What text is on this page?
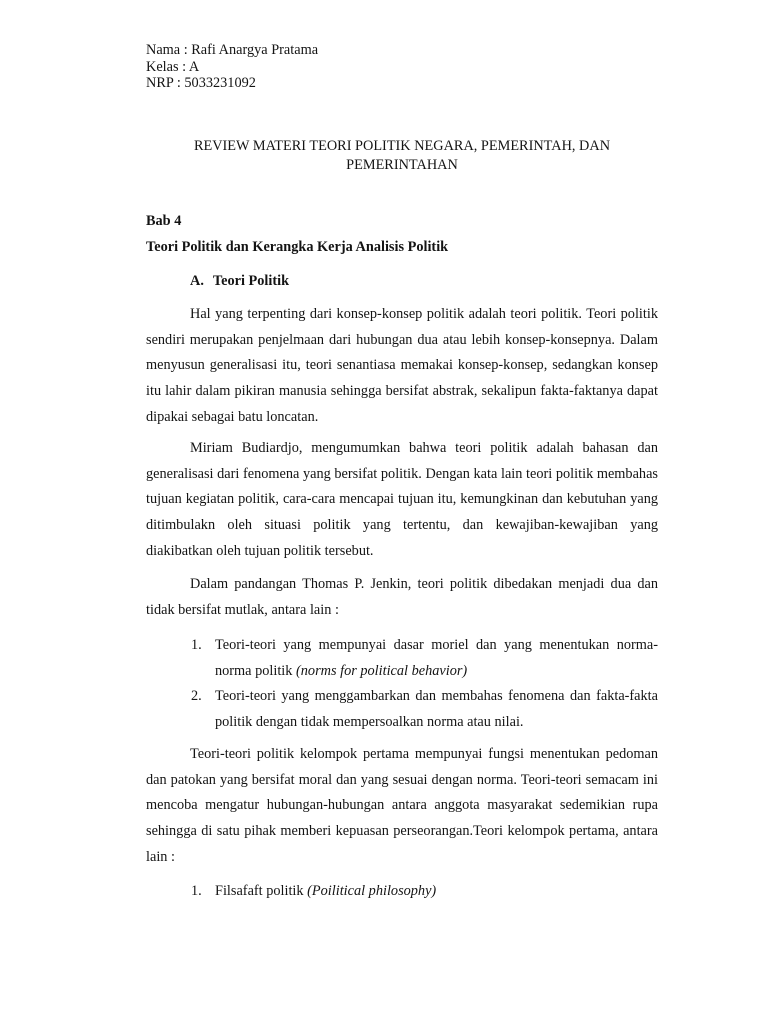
Nama : Rafi Anargya Pratama
Kelas : A
NRP : 5033231092
REVIEW MATERI TEORI POLITIK NEGARA, PEMERINTAH, DAN PEMERINTAHAN
Bab 4
Teori Politik dan Kerangka Kerja Analisis Politik
A. Teori Politik

Hal yang terpenting dari konsep-konsep politik adalah teori politik. Teori politik sendiri merupakan penjelmaan dari hubungan dua atau lebih konsep-konsepnya. Dalam menyusun generalisasi itu, teori senantiasa memakai konsep-konsep, sedangkan konsep itu lahir dalam pikiran manusia sehingga bersifat abstrak, sekalipun fakta-faktanya dapat dipakai sebagai batu loncatan.

Miriam Budiardjo, mengumumkan bahwa teori politik adalah bahasan dan generalisasi dari fenomena yang bersifat politik. Dengan kata lain teori politik membahas tujuan kegiatan politik, cara-cara mencapai tujuan itu, kemungkinan dan kebutuhan yang ditimbulakn oleh situasi politik yang tertentu, dan kewajiban-kewajiban yang diakibatkan oleh tujuan politik tersebut.

Dalam pandangan Thomas P. Jenkin, teori politik dibedakan menjadi dua dan tidak bersifat mutlak, antara lain :

1. Teori-teori yang mempunyai dasar moriel dan yang menentukan norma-norma politik (norms for political behavior)
2. Teori-teori yang menggambarkan dan membahas fenomena dan fakta-fakta politik dengan tidak mempersoalkan norma atau nilai.

Teori-teori politik kelompok pertama mempunyai fungsi menentukan pedoman dan patokan yang bersifat moral dan yang sesuai dengan norma. Teori-teori semacam ini mencoba mengatur hubungan-hubungan antara anggota masyarakat sedemikian rupa sehingga di satu pihak memberi kepuasan perseorangan.Teori kelompok pertama, antara lain :

1. Filsafaft politik (Poilitical philosophy)
